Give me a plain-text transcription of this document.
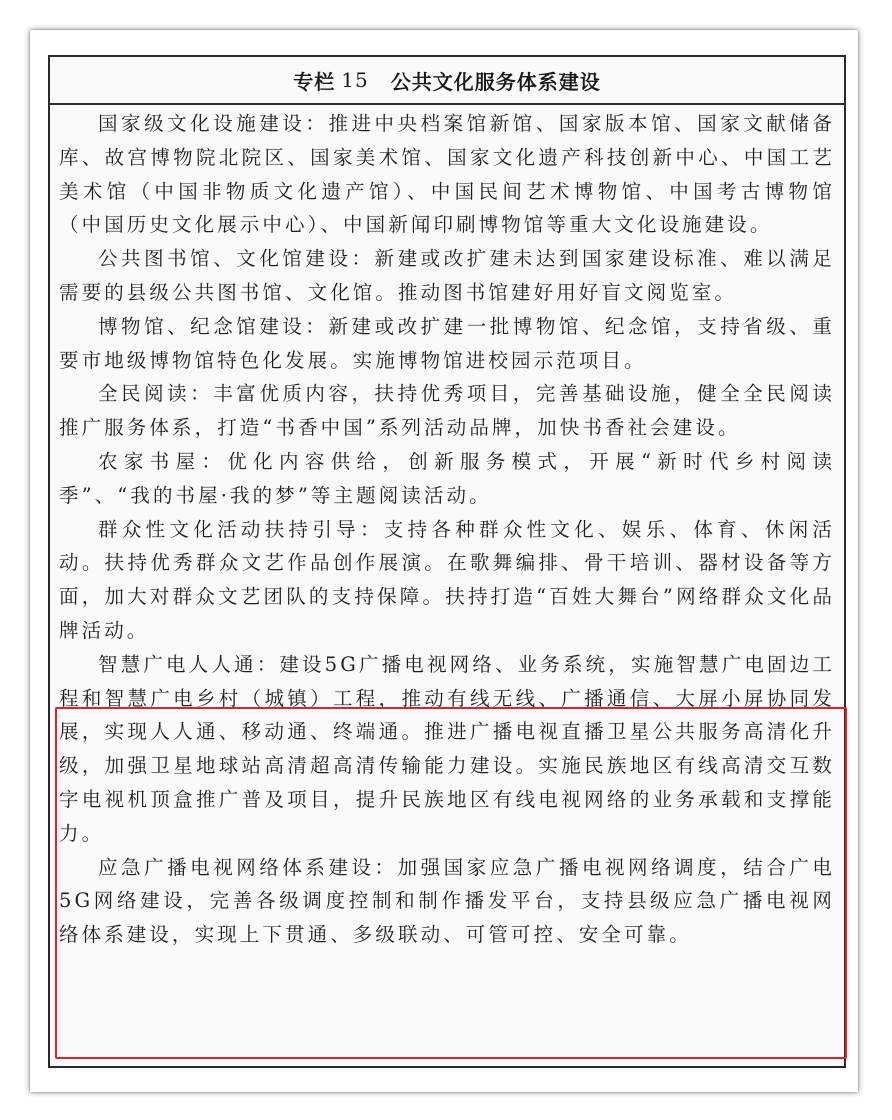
专栏 15 公共文化服务体系建设

国家级文化设施建设：推进中央档案馆新馆、国家版本馆、国家文献储备库、故宫博物院北院区、国家美术馆、国家文化遗产科技创新中心、中国工艺美术馆（中国非物质文化遗产馆）、中国民间艺术博物馆、中国考古博物馆（中国历史文化展示中心）、中国新闻印刷博物馆等重大文化设施建设。

公共图书馆、文化馆建设：新建或改扩建未达到国家建设标准、难以满足需要的县级公共图书馆、文化馆。推动图书馆建好用好盲文阅览室。

博物馆、纪念馆建设：新建或改扩建一批博物馆、纪念馆，支持省级、重要市地级博物馆特色化发展。实施博物馆进校园示范项目。

全民阅读：丰富优质内容，扶持优秀项目，完善基础设施，健全全民阅读推广服务体系，打造“书香中国”系列活动品牌，加快书香社会建设。

农家书屋：优化内容供给，创新服务模式，开展“新时代乡村阅读季”、“我的书屋·我的梦”等主题阅读活动。

群众性文化活动扶持引导：支持各种群众性文化、娱乐、体育、休闲活动。扶持优秀群众文艺作品创作展演。在歌舞编排、骨干培训、器材设备等方面，加大对群众文艺团队的支持保障。扶持打造“百姓大舞台”网络群众文化品牌活动。

智慧广电人人通：建设5G广播电视网络、业务系统，实施智慧广电固边工程和智慧广电乡村（城镇）工程，推动有线无线、广播通信、大屏小屏协同发展，实现人人通、移动通、终端通。推进广播电视直播卫星公共服务高清化升级，加强卫星地球站高清超高清传输能力建设。实施民族地区有线高清交互数字电视机顶盒推广普及项目，提升民族地区有线电视网络的业务承载和支撑能力。

应急广播电视网络体系建设：加强国家应急广播电视网络调度，结合广电5G网络建设，完善各级调度控制和制作播发平台，支持县级应急广播电视网络体系建设，实现上下贯通、多级联动、可管可控、安全可靠。
